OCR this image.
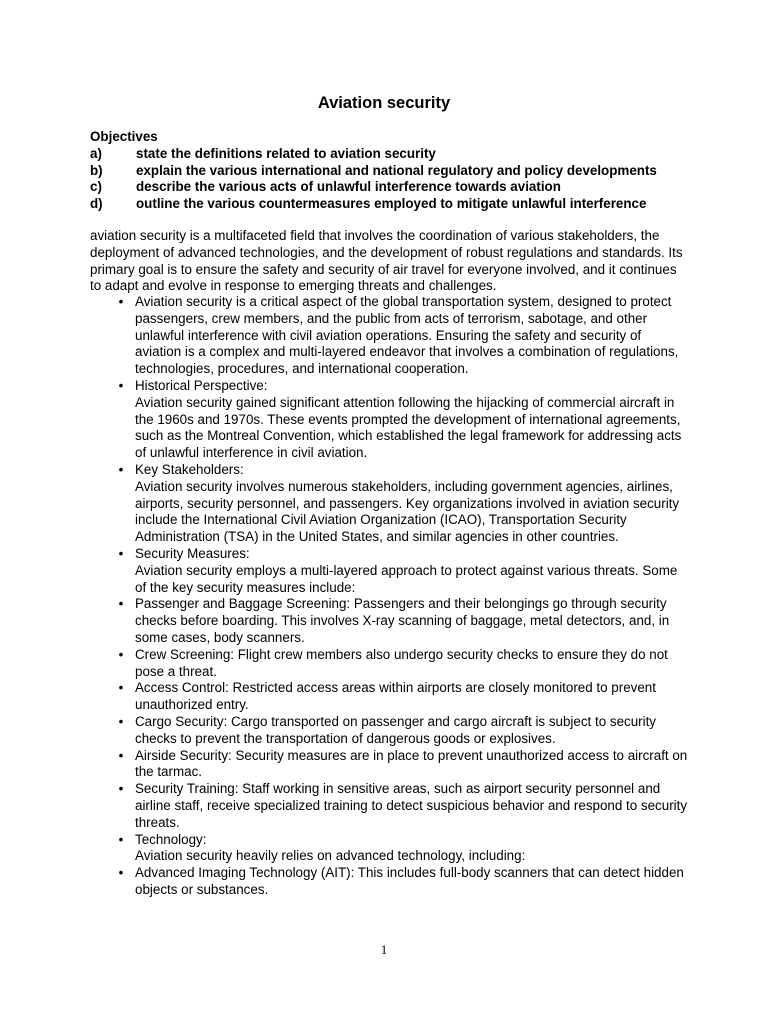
Aviation security
Objectives
a)	state the definitions related to aviation security
b)	explain the various international and national regulatory and policy developments
c)	describe the various acts of unlawful interference towards aviation
d)	outline the various countermeasures employed to mitigate unlawful interference

aviation security is a multifaceted field that involves the coordination of various stakeholders, the deployment of advanced technologies, and the development of robust regulations and standards. Its primary goal is to ensure the safety and security of air travel for everyone involved, and it continues to adapt and evolve in response to emerging threats and challenges.

• Aviation security is a critical aspect of the global transportation system, designed to protect passengers, crew members, and the public from acts of terrorism, sabotage, and other unlawful interference with civil aviation operations. Ensuring the safety and security of aviation is a complex and multi-layered endeavor that involves a combination of regulations, technologies, procedures, and international cooperation.
• Historical Perspective:
Aviation security gained significant attention following the hijacking of commercial aircraft in the 1960s and 1970s. These events prompted the development of international agreements, such as the Montreal Convention, which established the legal framework for addressing acts of unlawful interference in civil aviation.
• Key Stakeholders:
Aviation security involves numerous stakeholders, including government agencies, airlines, airports, security personnel, and passengers. Key organizations involved in aviation security include the International Civil Aviation Organization (ICAO), Transportation Security Administration (TSA) in the United States, and similar agencies in other countries.
• Security Measures:
Aviation security employs a multi-layered approach to protect against various threats. Some of the key security measures include:
• Passenger and Baggage Screening: Passengers and their belongings go through security checks before boarding. This involves X-ray scanning of baggage, metal detectors, and, in some cases, body scanners.
• Crew Screening: Flight crew members also undergo security checks to ensure they do not pose a threat.
• Access Control: Restricted access areas within airports are closely monitored to prevent unauthorized entry.
• Cargo Security: Cargo transported on passenger and cargo aircraft is subject to security checks to prevent the transportation of dangerous goods or explosives.
• Airside Security: Security measures are in place to prevent unauthorized access to aircraft on the tarmac.
• Security Training: Staff working in sensitive areas, such as airport security personnel and airline staff, receive specialized training to detect suspicious behavior and respond to security threats.
• Technology:
Aviation security heavily relies on advanced technology, including:
• Advanced Imaging Technology (AIT): This includes full-body scanners that can detect hidden objects or substances.
1
